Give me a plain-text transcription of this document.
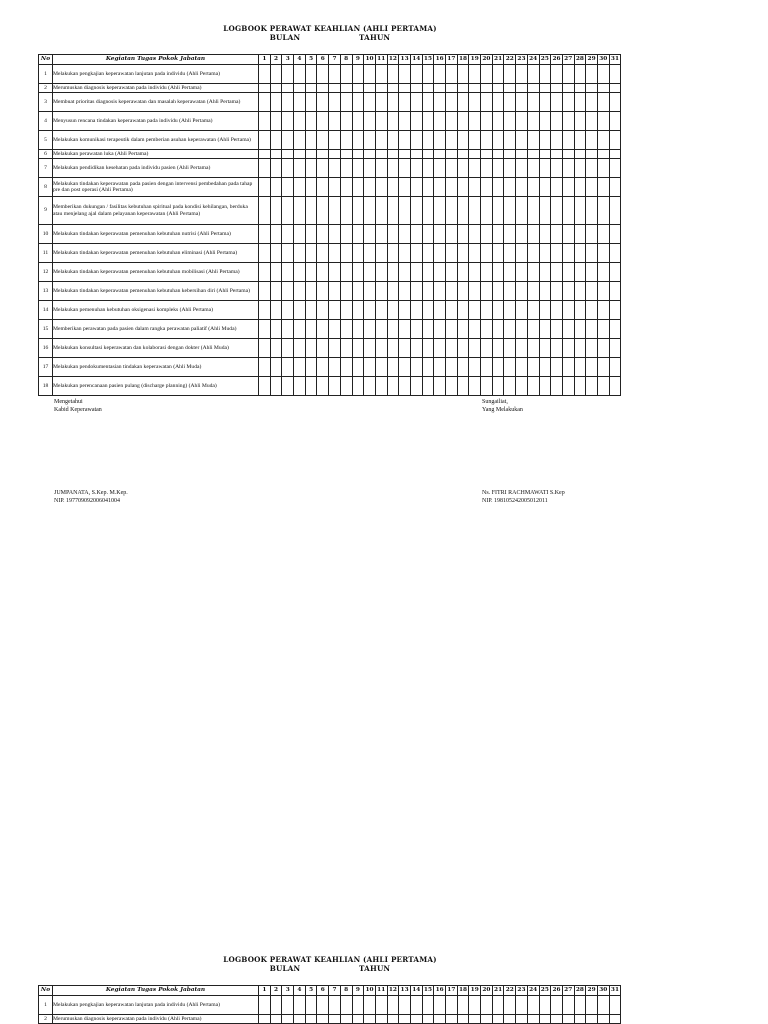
LOGBOOK PERAWAT KEAHLIAN (AHLI PERTAMA)
BULAN	TAHUN
No	Kegiatan Tugas Pokok Jabatan	1	2	3	4	5	6	7	8	9	10	11	12	13	14	15	16	17	18	19	20	21	22	23	24	25	26	27	28	29	30	31
1	Melakukan pengkajian keperawatan lanjutan pada individu (Ahli Pertama)																															
2	Merumuskan diagnosis keperawatan pada individu (Ahli Pertama)																															
3	Membuat prioritas diagnosis keperawatan dan masalah keperawatan (Ahli Pertama)																															
4	Menyusun rencana tindakan keperawatan pada individu (Ahli Pertama)																															
5	Melakukan komunikasi terapeutik dalam pemberian asuhan keperawatan (Ahli Pertama)																															
6	Melakukan perawatan luka (Ahli Pertama)																															
7	Melakukan pendidikan kesehatan pada individu pasien (Ahli Pertama)																															
8	Melakukan tindakan keperawatan pada pasien dengan intervensi pembedahan pada tahap pre dan post operasi (Ahli Pertama)																															
9	Memberikan dukungan / fasilitas kebutuhan spiritual pada kondisi kehilangan, berduka atau menjelang ajal dalam pelayanan keperawatan (Ahli Pertama)																															
10	Melakukan tindakan keperawatan pemenuhan kebutuhan nutrisi (Ahli Pertama)																															
11	Melakukan tindakan keperawatan pemenuhan kebutuhan eliminasi (Ahli Pertama)																															
12	Melakukan tindakan keperawatan pemenuhan kebutuhan mobilisasi (Ahli Pertama)																															
13	Melakukan tindakan keperawatan pemenuhan kebutuhan kebersihan diri (Ahli Pertama)																															
14	Melakukan pemenuhan kebutuhan oksigenasi kompleks (Ahli Pertama)																															
15	Memberikan perawatan pada pasien dalam rangka perawatan paliatif (Ahli Muda)																															
16	Melakukan konsultasi keperawatan dan kolaborasi dengan dokter (Ahli Muda)																															
17	Melakukan pendokumentasian tindakan keperawatan (Ahli Muda)																															
18	Melakukan perencanaan pasien pulang (discharge planning) (Ahli Muda)																															
Mengetahui
Kabid Keperawatan
JUMPANATA, S.Kep. M.Kep.
NIP. 197709092006041004
Sungailiat,
Yang Melakukan
Ns. FITRI RACHMAWATI S.Kep
NIP. 198105242005012011
LOGBOOK PERAWAT KEAHLIAN (AHLI PERTAMA)
BULAN	TAHUN
No	Kegiatan Tugas Pokok Jabatan	1	2	3	4	5	6	7	8	9	10	11	12	13	14	15	16	17	18	19	20	21	22	23	24	25	26	27	28	29	30	31
1	Melakukan pengkajian keperawatan lanjutan pada individu (Ahli Pertama)																															
2	Merumuskan diagnosis keperawatan pada individu (Ahli Pertama)																															
